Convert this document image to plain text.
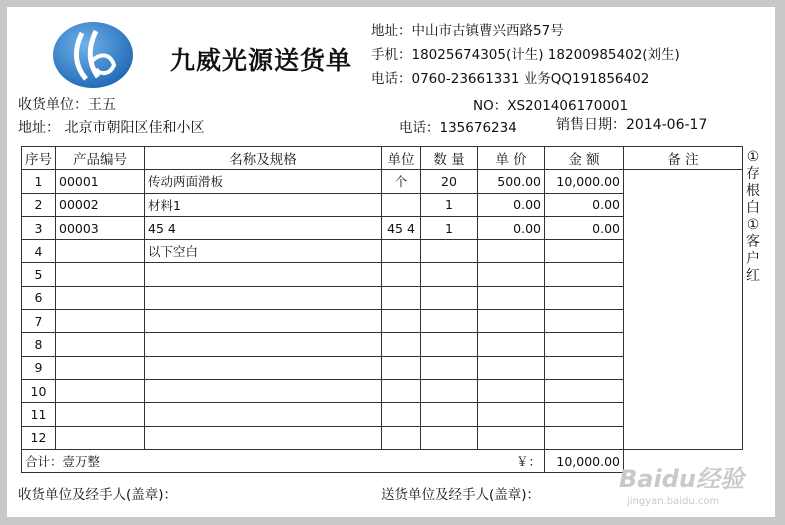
九威光源送货单
地址：中山市古镇曹兴西路57号
手机：18025674305(计生) 18200985402(刘生)
电话：0760-23661331 业务QQ191856402
收货单位：王五	NO：XS201406170001
地址： 北京市朝阳区佳和小区	电话：135676234	销售日期：2014-06-17
序号	产品编号	名称及规格	单位	数 量	单 价	金 额	备 注
1	00001	传动两面滑板	个	20	500.00	10,000.00	
2	00002	材料1		1	0.00	0.00	
3	00003	45 4	45 4	1	0.00	0.00	
4		以下空白					
5							
6							
7							
8							
9							
10							
11							
12							
合计：壹万整					￥：	10,000.00	
①
存
根
白
①
客
户
红
收货单位及经手人(盖章)：	送货单位及经手人(盖章)：
Baidu经验
jingyan.baidu.com
